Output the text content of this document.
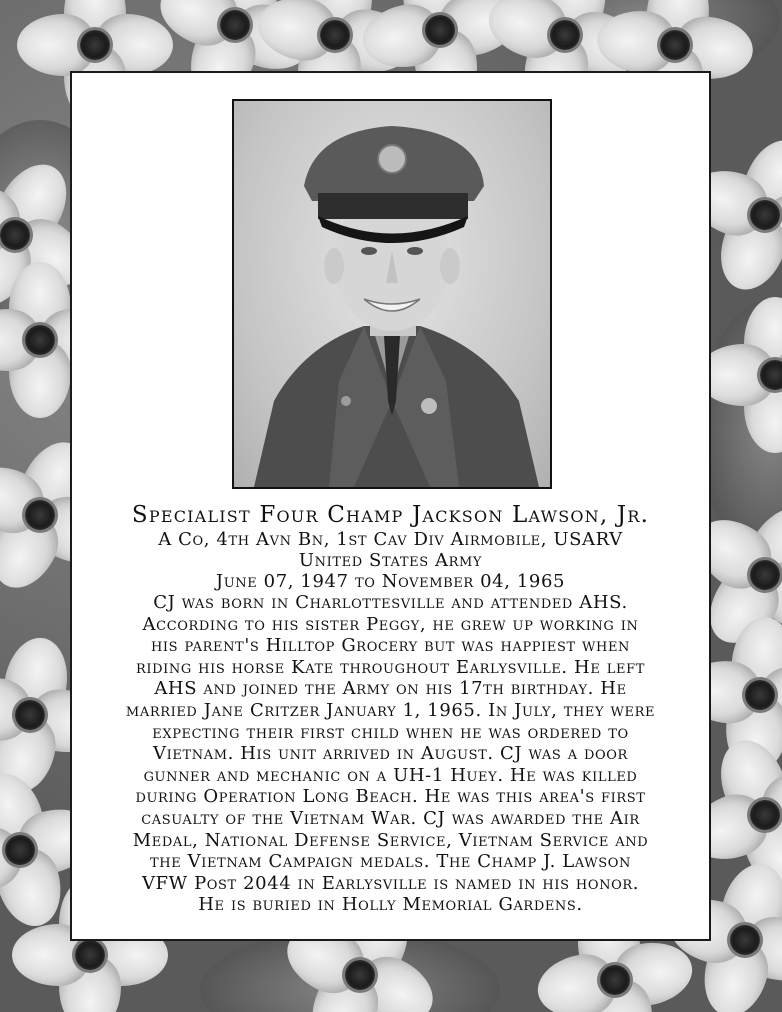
Specialist Four Champ Jackson Lawson, Jr.

A Co, 4th Avn Bn, 1st Cav Div Airmobile, USARV

United States Army

June 07, 1947 to November 04, 1965

CJ was born in Charlottesville and attended AHS.

According to his sister Peggy, he grew up working in

his parent's Hilltop Grocery but was happiest when

riding his horse Kate throughout Earlysville. He left

AHS and joined the Army on his 17th birthday. He

married Jane Critzer January 1, 1965. In July, they were

expecting their first child when he was ordered to

Vietnam. His unit arrived in August. CJ was a door

gunner and mechanic on a UH-1 Huey. He was killed

during Operation Long Beach. He was this area's first

casualty of the Vietnam War. CJ was awarded the Air

Medal, National Defense Service, Vietnam Service and

the Vietnam Campaign medals. The Champ J. Lawson

VFW Post 2044 in Earlysville is named in his honor.

He is buried in Holly Memorial Gardens.
